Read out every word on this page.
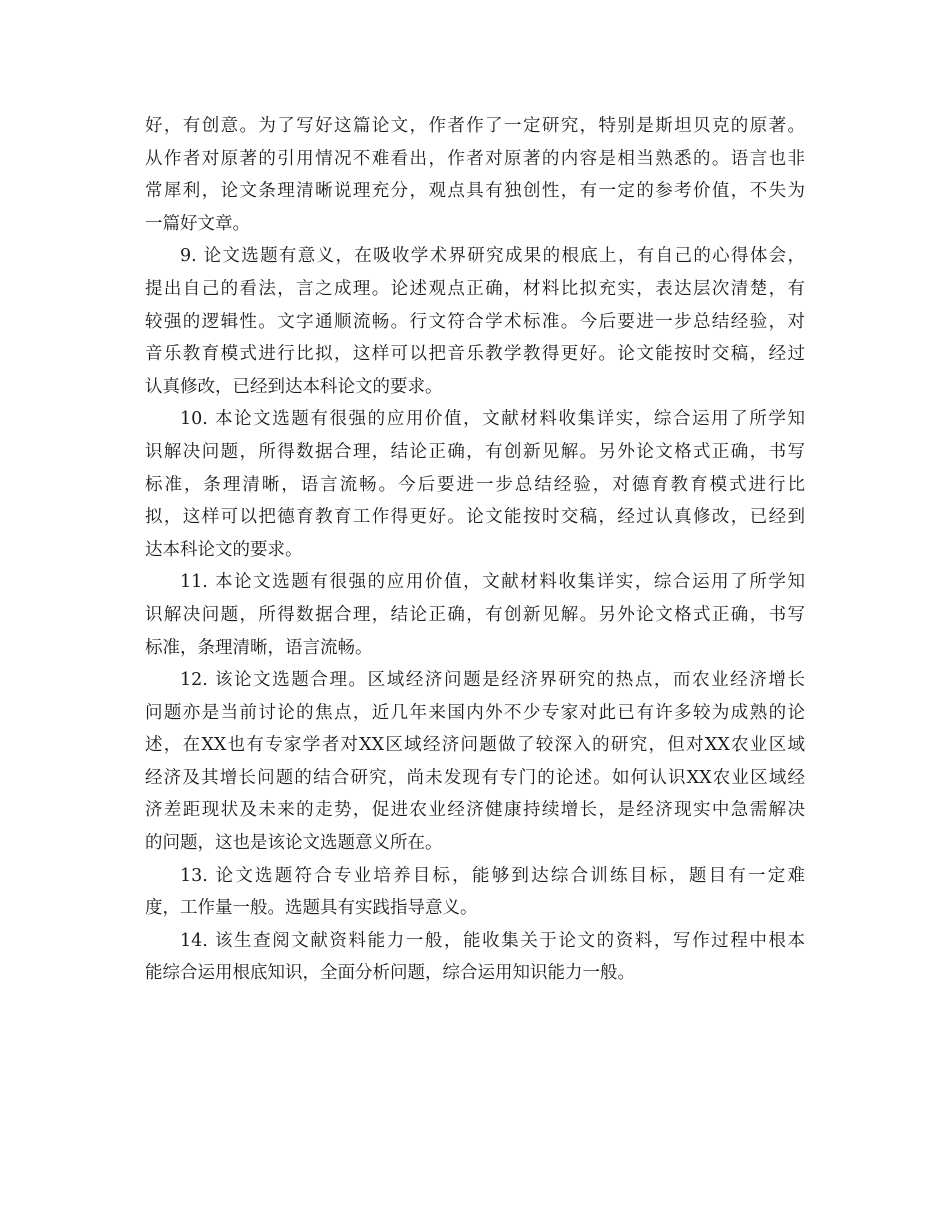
好，有创意。为了写好这篇论文，作者作了一定研究，特别是斯坦贝克的原著。
从作者对原著的引用情况不难看出，作者对原著的内容是相当熟悉的。语言也非
常犀利，论文条理清晰说理充分，观点具有独创性，有一定的参考价值，不失为
一篇好文章。
9. 论文选题有意义，在吸收学术界研究成果的根底上，有自己的心得体会，
提出自己的看法，言之成理。论述观点正确，材料比拟充实，表达层次清楚，有
较强的逻辑性。文字通顺流畅。行文符合学术标准。今后要进一步总结经验，对
音乐教育模式进行比拟，这样可以把音乐教学教得更好。论文能按时交稿，经过
认真修改，已经到达本科论文的要求。
10. 本论文选题有很强的应用价值，文献材料收集详实，综合运用了所学知
识解决问题，所得数据合理，结论正确，有创新见解。另外论文格式正确，书写
标准，条理清晰，语言流畅。今后要进一步总结经验，对德育教育模式进行比
拟，这样可以把德育教育工作得更好。论文能按时交稿，经过认真修改，已经到
达本科论文的要求。
11. 本论文选题有很强的应用价值，文献材料收集详实，综合运用了所学知
识解决问题，所得数据合理，结论正确，有创新见解。另外论文格式正确，书写
标准，条理清晰，语言流畅。
12. 该论文选题合理。区域经济问题是经济界研究的热点，而农业经济增长
问题亦是当前讨论的焦点，近几年来国内外不少专家对此已有许多较为成熟的论
述，在XX也有专家学者对XX区域经济问题做了较深入的研究，但对XX农业区域
经济及其增长问题的结合研究，尚未发现有专门的论述。如何认识XX农业区域经
济差距现状及未来的走势，促进农业经济健康持续增长，是经济现实中急需解决
的问题，这也是该论文选题意义所在。
13. 论文选题符合专业培养目标，能够到达综合训练目标，题目有一定难
度，工作量一般。选题具有实践指导意义。
14. 该生查阅文献资料能力一般，能收集关于论文的资料，写作过程中根本
能综合运用根底知识，全面分析问题，综合运用知识能力一般。
